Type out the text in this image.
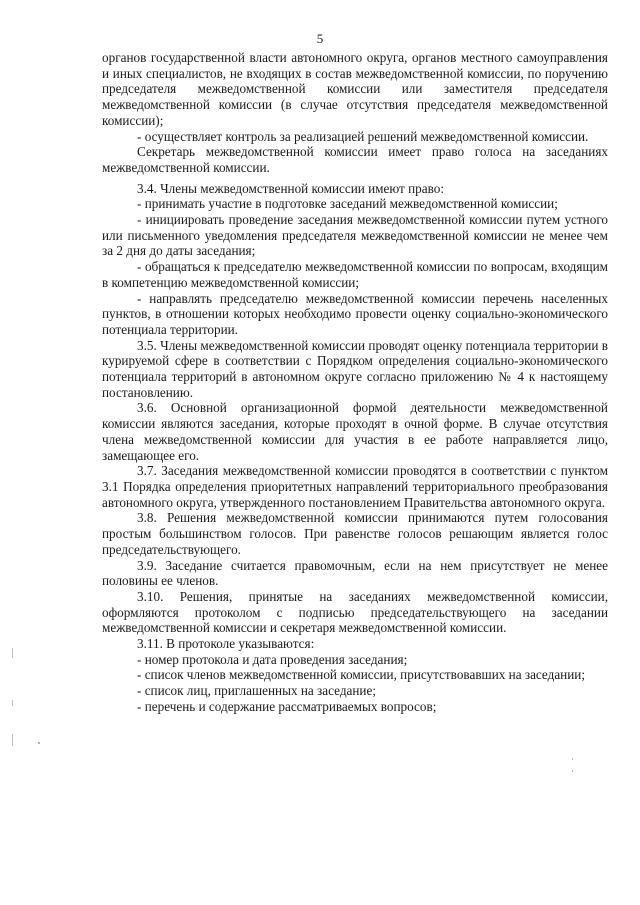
5

органов государственной власти автономного округа, органов местного самоуправления и иных специалистов, не входящих в состав межведомственной комиссии, по поручению председателя межведомственной комиссии или заместителя председателя межведомственной комиссии (в случае отсутствия председателя межведомственной комиссии);

- осуществляет контроль за реализацией решений межведомственной комиссии.

Секретарь межведомственной комиссии имеет право голоса на заседаниях межведомственной комиссии.

3.4. Члены межведомственной комиссии имеют право:

- принимать участие в подготовке заседаний межведомственной комиссии;

- инициировать проведение заседания межведомственной комиссии путем устного или письменного уведомления председателя межведомственной комиссии не менее чем за 2 дня до даты заседания;

- обращаться к председателю межведомственной комиссии по вопросам, входящим в компетенцию межведомственной комиссии;

- направлять председателю межведомственной комиссии перечень населенных пунктов, в отношении которых необходимо провести оценку социально-экономического потенциала территории.

3.5. Члены межведомственной комиссии проводят оценку потенциала территории в курируемой сфере в соответствии с Порядком определения социально-экономического потенциала территорий в автономном округе согласно приложению № 4 к настоящему постановлению.

3.6. Основной организационной формой деятельности межведомственной комиссии являются заседания, которые проходят в очной форме. В случае отсутствия члена межведомственной комиссии для участия в ее работе направляется лицо, замещающее его.

3.7. Заседания межведомственной комиссии проводятся в соответствии с пунктом 3.1 Порядка определения приоритетных направлений территориального преобразования автономного округа, утвержденного постановлением Правительства автономного округа.

3.8. Решения межведомственной комиссии принимаются путем голосования простым большинством голосов. При равенстве голосов решающим является голос председательствующего.

3.9. Заседание считается правомочным, если на нем присутствует не менее половины ее членов.

3.10. Решения, принятые на заседаниях межведомственной комиссии, оформляются протоколом с подписью председательствующего на заседании межведомственной комиссии и секретаря межведомственной комиссии.

3.11. В протоколе указываются:

- номер протокола и дата проведения заседания;

- список членов межведомственной комиссии, присутствовавших на заседании;

- список лиц, приглашенных на заседание;

- перечень и содержание рассматриваемых вопросов;
